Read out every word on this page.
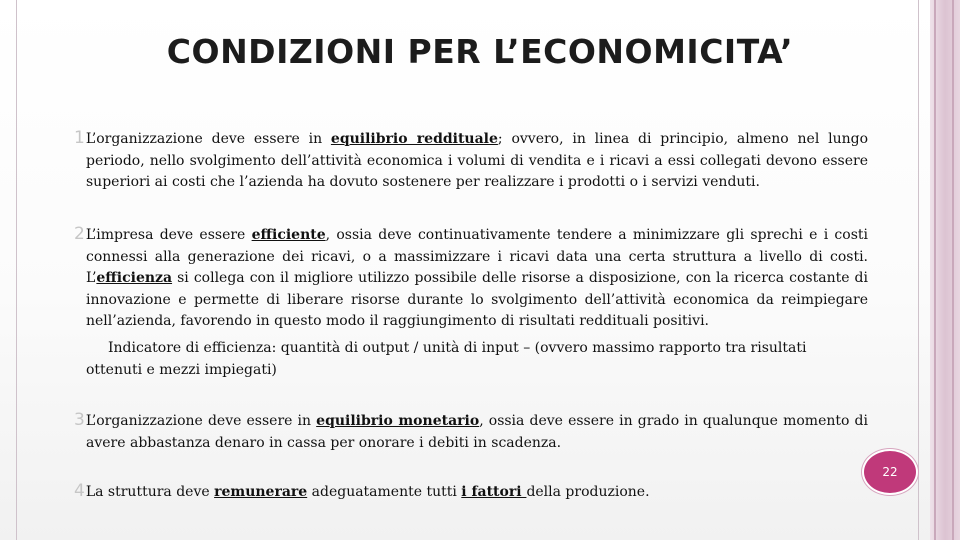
CONDIZIONI PER L’ECONOMICITA’

1L’organizzazione deve essere in equilibrio reddituale; ovvero, in linea di principio, almeno nel lungo periodo, nello svolgimento dell’attività economica i volumi di vendita e i ricavi a essi collegati devono essere superiori ai costi che l’azienda ha dovuto sostenere per realizzare i prodotti o i servizi venduti.

2L’impresa deve essere efficiente, ossia deve continuativamente tendere a minimizzare gli sprechi e i costi connessi alla generazione dei ricavi, o a massimizzare i ricavi data una certa struttura a livello di costi. L’efficienza si collega con il migliore utilizzo possibile delle risorse a disposizione, con la ricerca costante di innovazione e permette di liberare risorse durante lo svolgimento dell’attività economica da reimpiegare nell’azienda, favorendo in questo modo il raggiungimento di risultati reddituali positivi.

Indicatore di efficienza: quantità di output / unità di input – (ovvero massimo rapporto tra risultati ottenuti e mezzi impiegati)

3L’organizzazione deve essere in equilibrio monetario, ossia deve essere in grado in qualunque momento di avere abbastanza denaro in cassa per onorare i debiti in scadenza.

4La struttura deve remunerare adeguatamente tutti i fattori della produzione.

22
